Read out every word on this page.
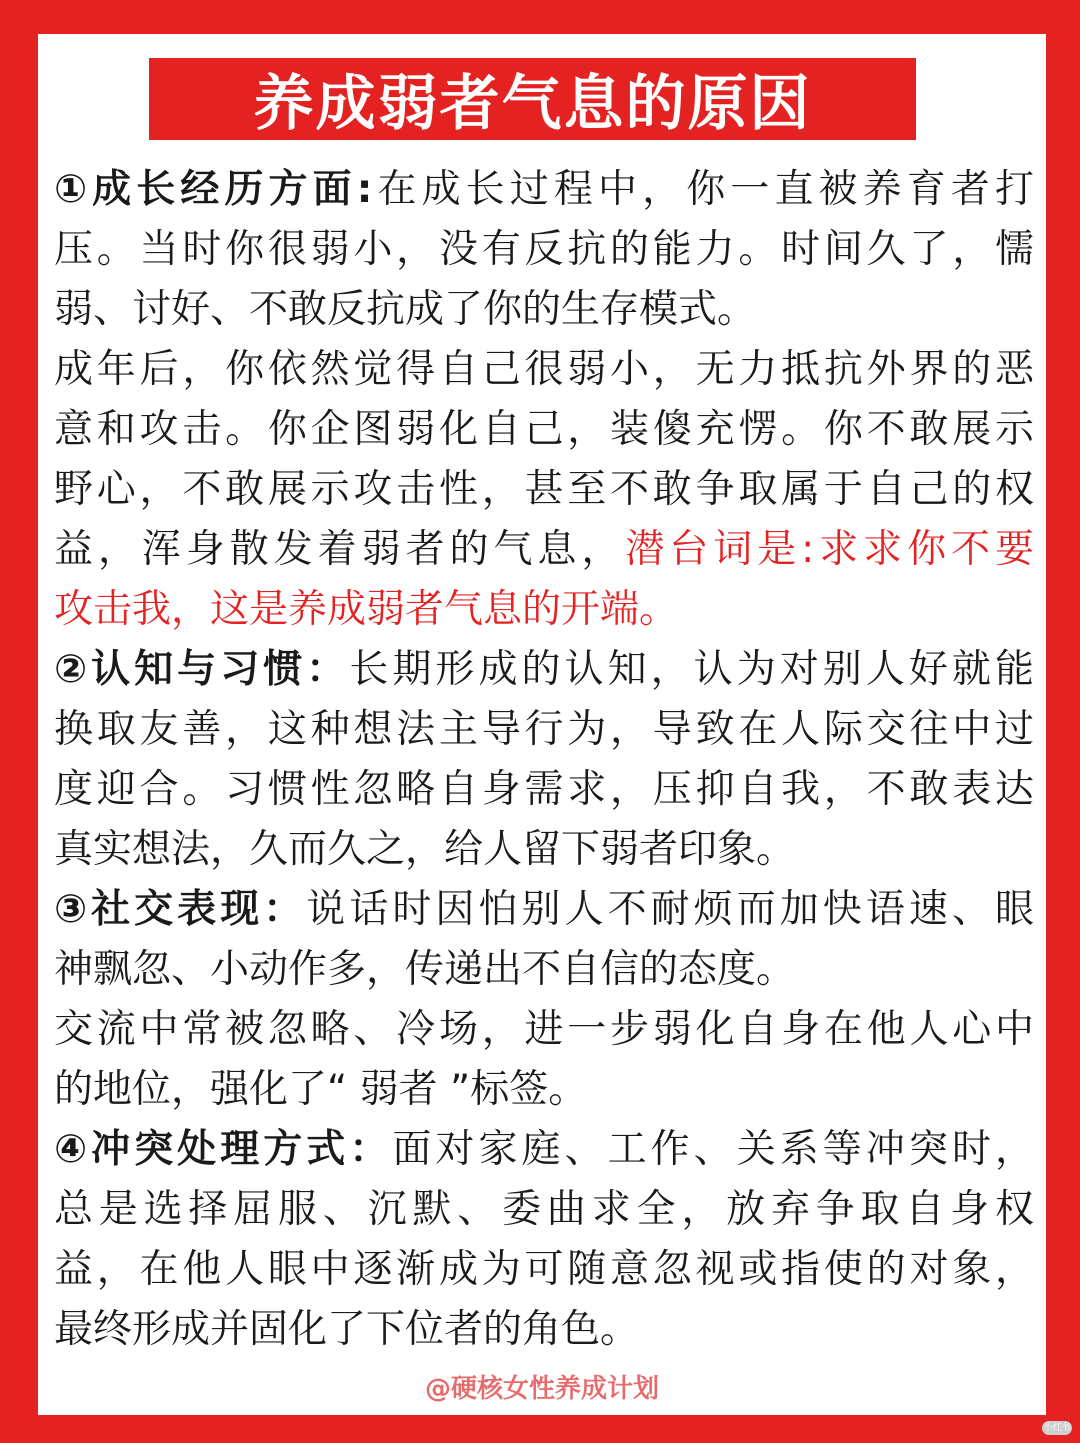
养成弱者气息的原因
①成长经历方面:在成长过程中，你一直被养育者打
压。当时你很弱小，没有反抗的能力。时间久了，懦
弱、讨好、不敢反抗成了你的生存模式。
成年后，你依然觉得自己很弱小，无力抵抗外界的恶
意和攻击。你企图弱化自己，装傻充愣。你不敢展示
野心，不敢展示攻击性，甚至不敢争取属于自己的权
益，浑身散发着弱者的气息，潜台词是:求求你不要
攻击我，这是养成弱者气息的开端。
②认知与习惯：长期形成的认知，认为对别人好就能
换取友善，这种想法主导行为，导致在人际交往中过
度迎合。习惯性忽略自身需求，压抑自我，不敢表达
真实想法，久而久之，给人留下弱者印象。
③社交表现：说话时因怕别人不耐烦而加快语速、眼
神飘忽、小动作多，传递出不自信的态度。
交流中常被忽略、冷场，进一步弱化自身在他人心中
的地位，强化了“ 弱者 ”标签。
④冲突处理方式：面对家庭、工作、关系等冲突时，
总是选择屈服、沉默、委曲求全，放弃争取自身权
益，在他人眼中逐渐成为可随意忽视或指使的对象，
最终形成并固化了下位者的角色。
@硬核女性养成计划
小红书
